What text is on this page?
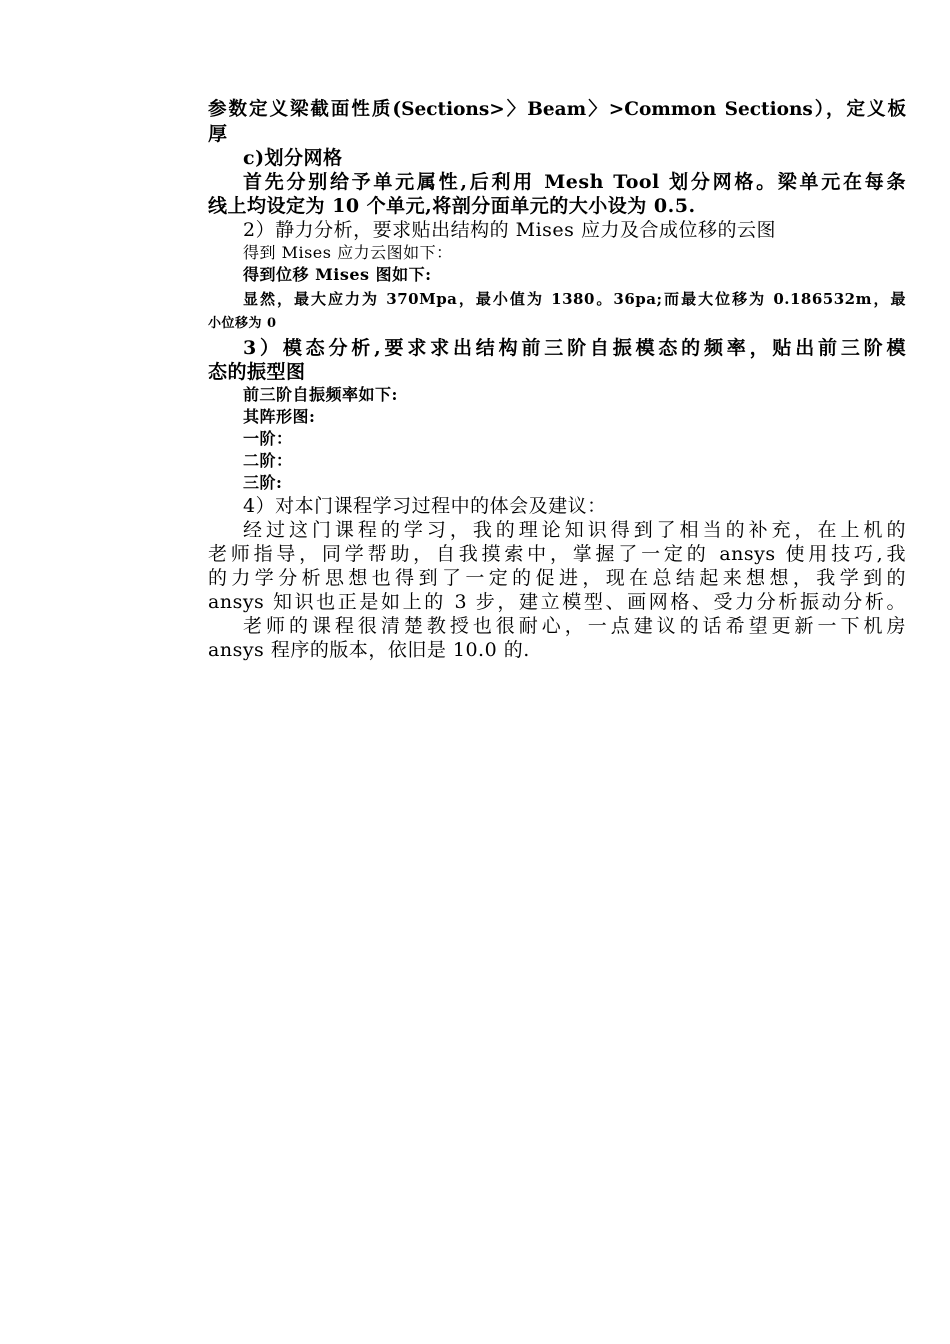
参数定义梁截面性质(Sections>〉Beam〉>Common Sections），定义板

厚

c)划分网格

首先分别给予单元属性,后利用 Mesh Tool 划分网格。梁单元在每条

线上均设定为 10 个单元,将剖分面单元的大小设为 0.5.

2）静力分析，要求贴出结构的 Mises 应力及合成位移的云图

得到 Mises 应力云图如下：

得到位移 Mises 图如下:

显然，最大应力为 370Mpa，最小值为 1380。36pa;而最大位移为 0.186532m，最

小位移为 0

3）模态分析,要求求出结构前三阶自振模态的频率，贴出前三阶模

态的振型图

前三阶自振频率如下:

其阵形图:

一阶：

二阶：

三阶:

4）对本门课程学习过程中的体会及建议：

经过这门课程的学习，我的理论知识得到了相当的补充，在上机的

老师指导，同学帮助，自我摸索中，掌握了一定的 ansys 使用技巧,我

的力学分析思想也得到了一定的促进，现在总结起来想想，我学到的

ansys 知识也正是如上的 3 步，建立模型、画网格、受力分析振动分析。

老师的课程很清楚教授也很耐心，一点建议的话希望更新一下机房

ansys 程序的版本，依旧是 10.0 的.
